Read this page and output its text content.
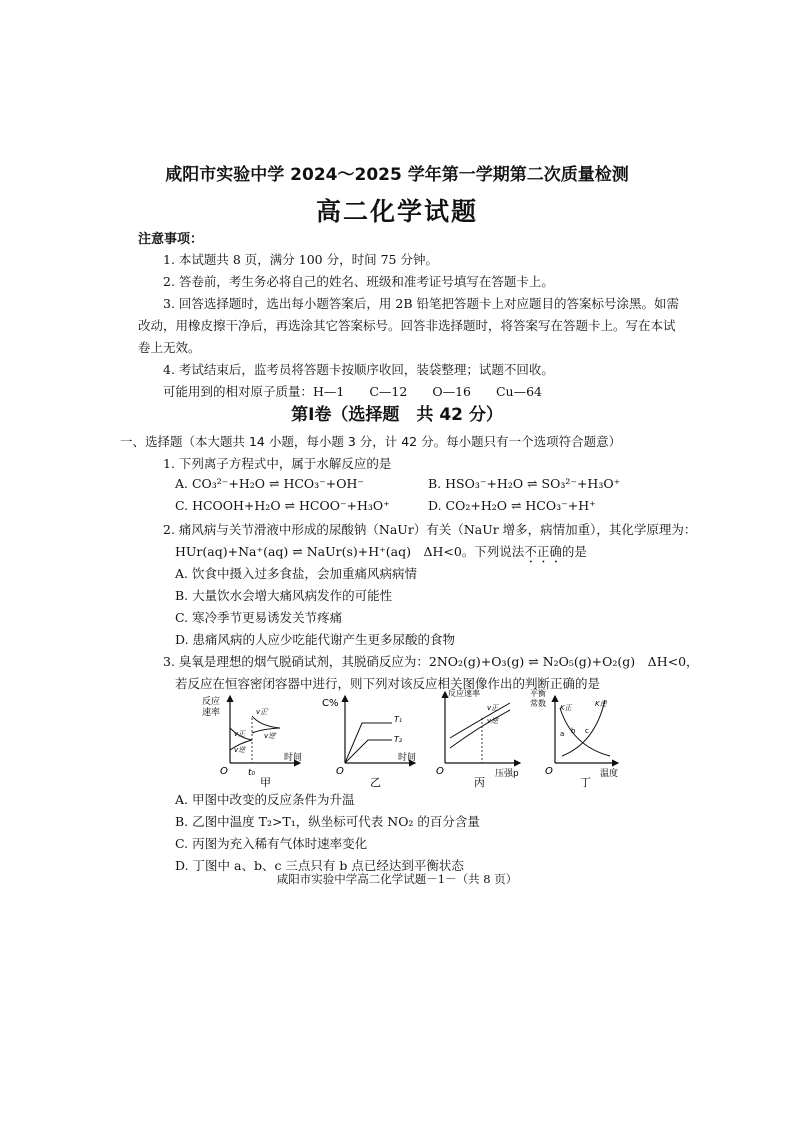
咸阳市实验中学 2024～2025 学年第一学期第二次质量检测
高二化学试题
注意事项：
1. 本试题共 8 页，满分 100 分，时间 75 分钟。
2. 答卷前，考生务必将自己的姓名、班级和准考证号填写在答题卡上。
3. 回答选择题时，选出每小题答案后，用 2B 铅笔把答题卡上对应题目的答案标号涂黑。如需
改动，用橡皮擦干净后，再选涂其它答案标号。回答非选择题时，将答案写在答题卡上。写在本试
卷上无效。
4. 考试结束后，监考员将答题卡按顺序收回，装袋整理；试题不回收。
可能用到的相对原子质量：H—1　　C—12　　O—16　　Cu—64
第Ⅰ卷（选择题　共 42 分）
一、选择题（本大题共 14 小题，每小题 3 分，计 42 分。每小题只有一个选项符合题意）
1. 下列离子方程式中，属于水解反应的是
A. CO₃²⁻+H₂O ⇌ HCO₃⁻+OH⁻	B. HSO₃⁻+H₂O ⇌ SO₃²⁻+H₃O⁺
C. HCOOH+H₂O ⇌ HCOO⁻+H₃O⁺	D. CO₂+H₂O ⇌ HCO₃⁻+H⁺
2. 痛风病与关节滑液中形成的尿酸钠（NaUr）有关（NaUr 增多，病情加重），其化学原理为：
HUr(aq)+Na⁺(aq) ⇌ NaUr(s)+H⁺(aq)　ΔH<0。下列说法不正确的是
A. 饮食中摄入过多食盐，会加重痛风病病情
B. 大量饮水会增大痛风病发作的可能性
C. 寒冷季节更易诱发关节疼痛
D. 患痛风病的人应少吃能代谢产生更多尿酸的食物
3. 臭氧是理想的烟气脱硝试剂，其脱硝反应为：2NO₂(g)+O₃(g) ⇌ N₂O₅(g)+O₂(g)　ΔH<0，
若反应在恒容密闭容器中进行，则下列对该反应相关图像作出的判断正确的是
反应
速率
时间
O t₀
v正
v逆
v正′
v逆′
甲
C%
时间
O
T₁
T₂
乙
反应速率
压强p
O
v正
v逆
丙
平衡
常数
温度
O
K正	K逆
a b c
丁
A. 甲图中改变的反应条件为升温
B. 乙图中温度 T₂>T₁，纵坐标可代表 NO₂ 的百分含量
C. 丙图为充入稀有气体时速率变化
D. 丁图中 a、b、c 三点只有 b 点已经达到平衡状态
咸阳市实验中学高二化学试题－1－（共 8 页）
